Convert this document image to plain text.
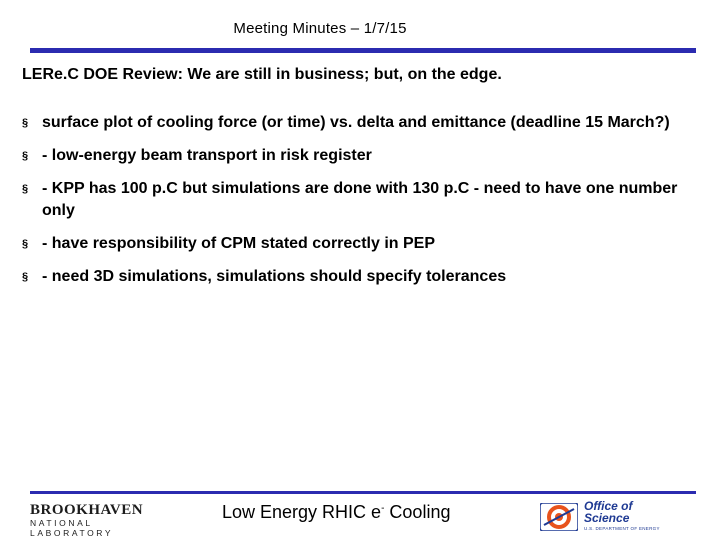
Meeting Minutes – 1/7/15
LERe.C DOE Review: We are still in business; but, on the edge.
§ surface plot of cooling force (or time) vs. delta and emittance (deadline 15 March?)
§ - low-energy beam transport in risk register
§ - KPP has 100 p.C but simulations are done with 130 p.C - need to have one number only
§ - have responsibility of CPM stated correctly in PEP
§ - need 3D simulations, simulations should specify tolerances
BROOKHAVEN
NATIONAL LABORATORY
Low Energy RHIC e- Cooling	Office of
Science
U.S. DEPARTMENT OF ENERGY
